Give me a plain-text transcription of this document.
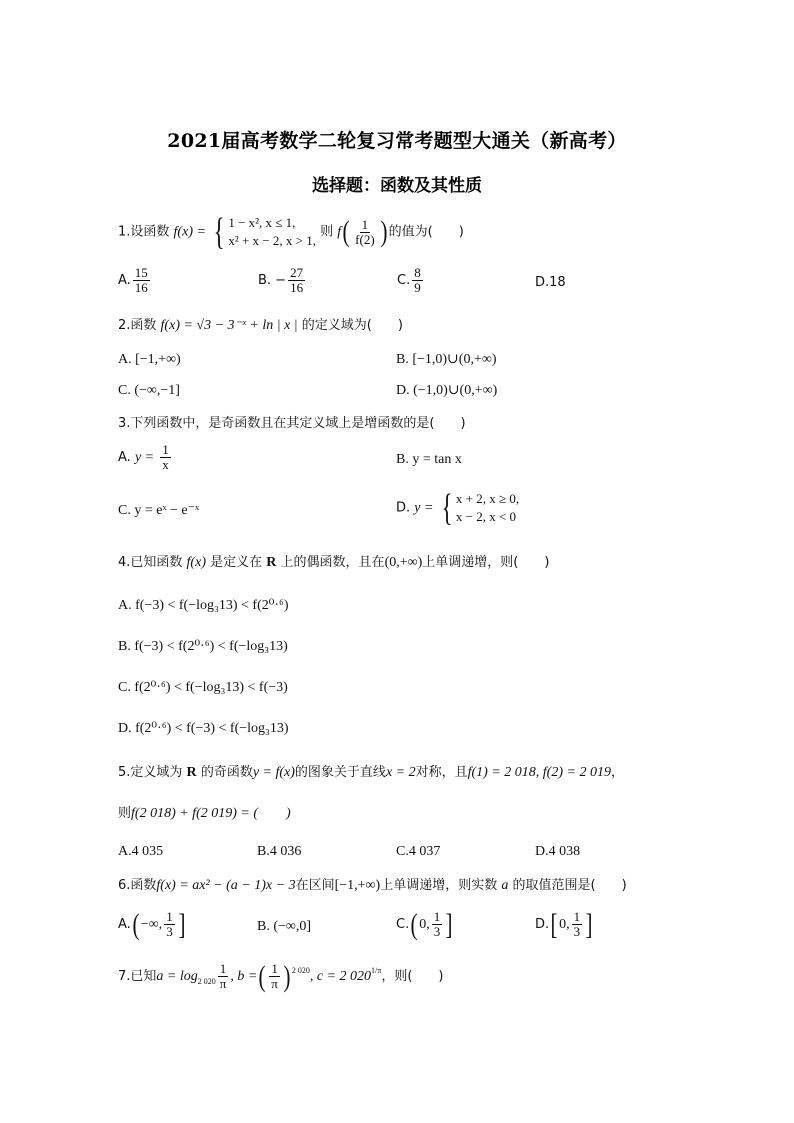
2021届高考数学二轮复习常考题型大通关（新高考）
选择题：函数及其性质
1.设函数 f(x) = { 1 − x², x ≤ 1,
x² + x − 2, x > 1,
则 $f( \frac{1}{f(2)}$ ) 的值为(　　)
A. $\frac{15}{16}$	B. − $\frac{27}{16}$	C. $\frac{8}{9}$	D.18
2.函数 f(x) = √3 − 3⁻ˣ + ln | x | 的定义域为(　　)
A. [−1,+∞)	B. [−1,0)∪(0,+∞)
C. (−∞,−1]	D. (−1,0)∪(0,+∞)
3.下列函数中，是奇函数且在其定义域上是增函数的是(　　)
A. $y = \frac{1}{x}$	B. y = tan x
C. y = eˣ − e⁻ˣ	D. y = { x + 2, x ≥ 0,
x − 2, x < 0
4.已知函数 f(x) 是定义在 R 上的偶函数，且在(0,+∞)上单调递增，则(　　)
A. f(−3) < f(−log₃13) < f(2⁰·⁶)
B. f(−3) < f(2⁰·⁶) < f(−log₃13)
C. f(2⁰·⁶) < f(−log₃13) < f(−3)
D. f(2⁰·⁶) < f(−3) < f(−log₃13)
5.定义域为 R 的奇函数y = f(x)的图象关于直线x = 2对称，且f(1) = 2 018, f(2) = 2 019，
则f(2 018) + f(2 019) = (　　)
A.4 035	B.4 036	C.4 037	D.4 038
6.函数f(x) = ax² − (a − 1)x − 3在区间[−1,+∞)上单调递增，则实数 a 的取值范围是(　　)
A.( −∞, $\frac{1}{3}$ ]	B. (−∞,0]	C.( 0, $\frac{1}{3}$ ]	D.[ 0, $\frac{1}{3}$ ]
7.已知$a = \log_{2 020} \frac{1}{\pi}$ , b =( $\frac{1}{\pi}$ ) $^{2 020}$, c = 2 $020^{1/\pi}$，则(　　)
